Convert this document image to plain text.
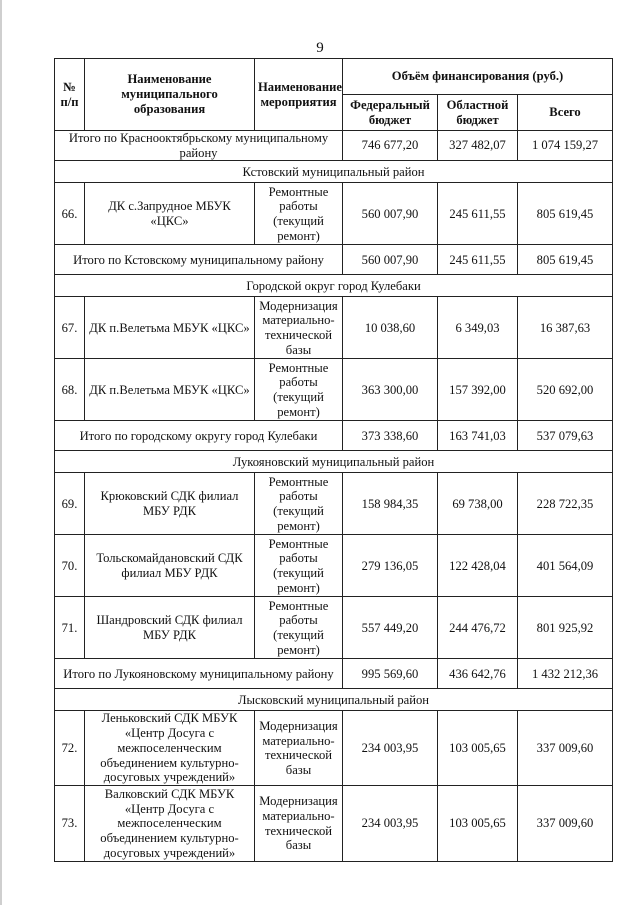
9
№ п/п	Наименование муниципального образования	Наименование мероприятия	Объём финансирования (руб.)		
			Федеральный бюджет	Областной бюджет	Всего
Итого по Краснооктябрьскому муниципальному району			746 677,20	327 482,07	1 074 159,27
Кстовский муниципальный район					
66.	ДК с.Запрудное МБУК «ЦКС»	Ремонтные работы (текущий ремонт)	560 007,90	245 611,55	805 619,45
Итого по Кстовскому муниципальному району			560 007,90	245 611,55	805 619,45
Городской округ город Кулебаки					
67.	ДК п.Велетьма МБУК «ЦКС»	Модернизация материально-технической базы	10 038,60	6 349,03	16 387,63
68.	ДК п.Велетьма МБУК «ЦКС»	Ремонтные работы (текущий ремонт)	363 300,00	157 392,00	520 692,00
Итого по городскому округу город Кулебаки			373 338,60	163 741,03	537 079,63
Лукояновский муниципальный район					
69.	Крюковский СДК филиал МБУ РДК	Ремонтные работы (текущий ремонт)	158 984,35	69 738,00	228 722,35
70.	Тольскомайдановский СДК филиал МБУ РДК	Ремонтные работы (текущий ремонт)	279 136,05	122 428,04	401 564,09
71.	Шандровский СДК филиал МБУ РДК	Ремонтные работы (текущий ремонт)	557 449,20	244 476,72	801 925,92
Итого по Лукояновскому муниципальному району			995 569,60	436 642,76	1 432 212,36
Лысковский муниципальный район					
72.	Леньковский СДК МБУК «Центр Досуга с межпоселенческим объединением культурно-досуговых учреждений»	Модернизация материально-технической базы	234 003,95	103 005,65	337 009,60
73.	Валковский СДК МБУК «Центр Досуга с межпоселенческим объединением культурно-досуговых учреждений»	Модернизация материально-технической базы	234 003,95	103 005,65	337 009,60
